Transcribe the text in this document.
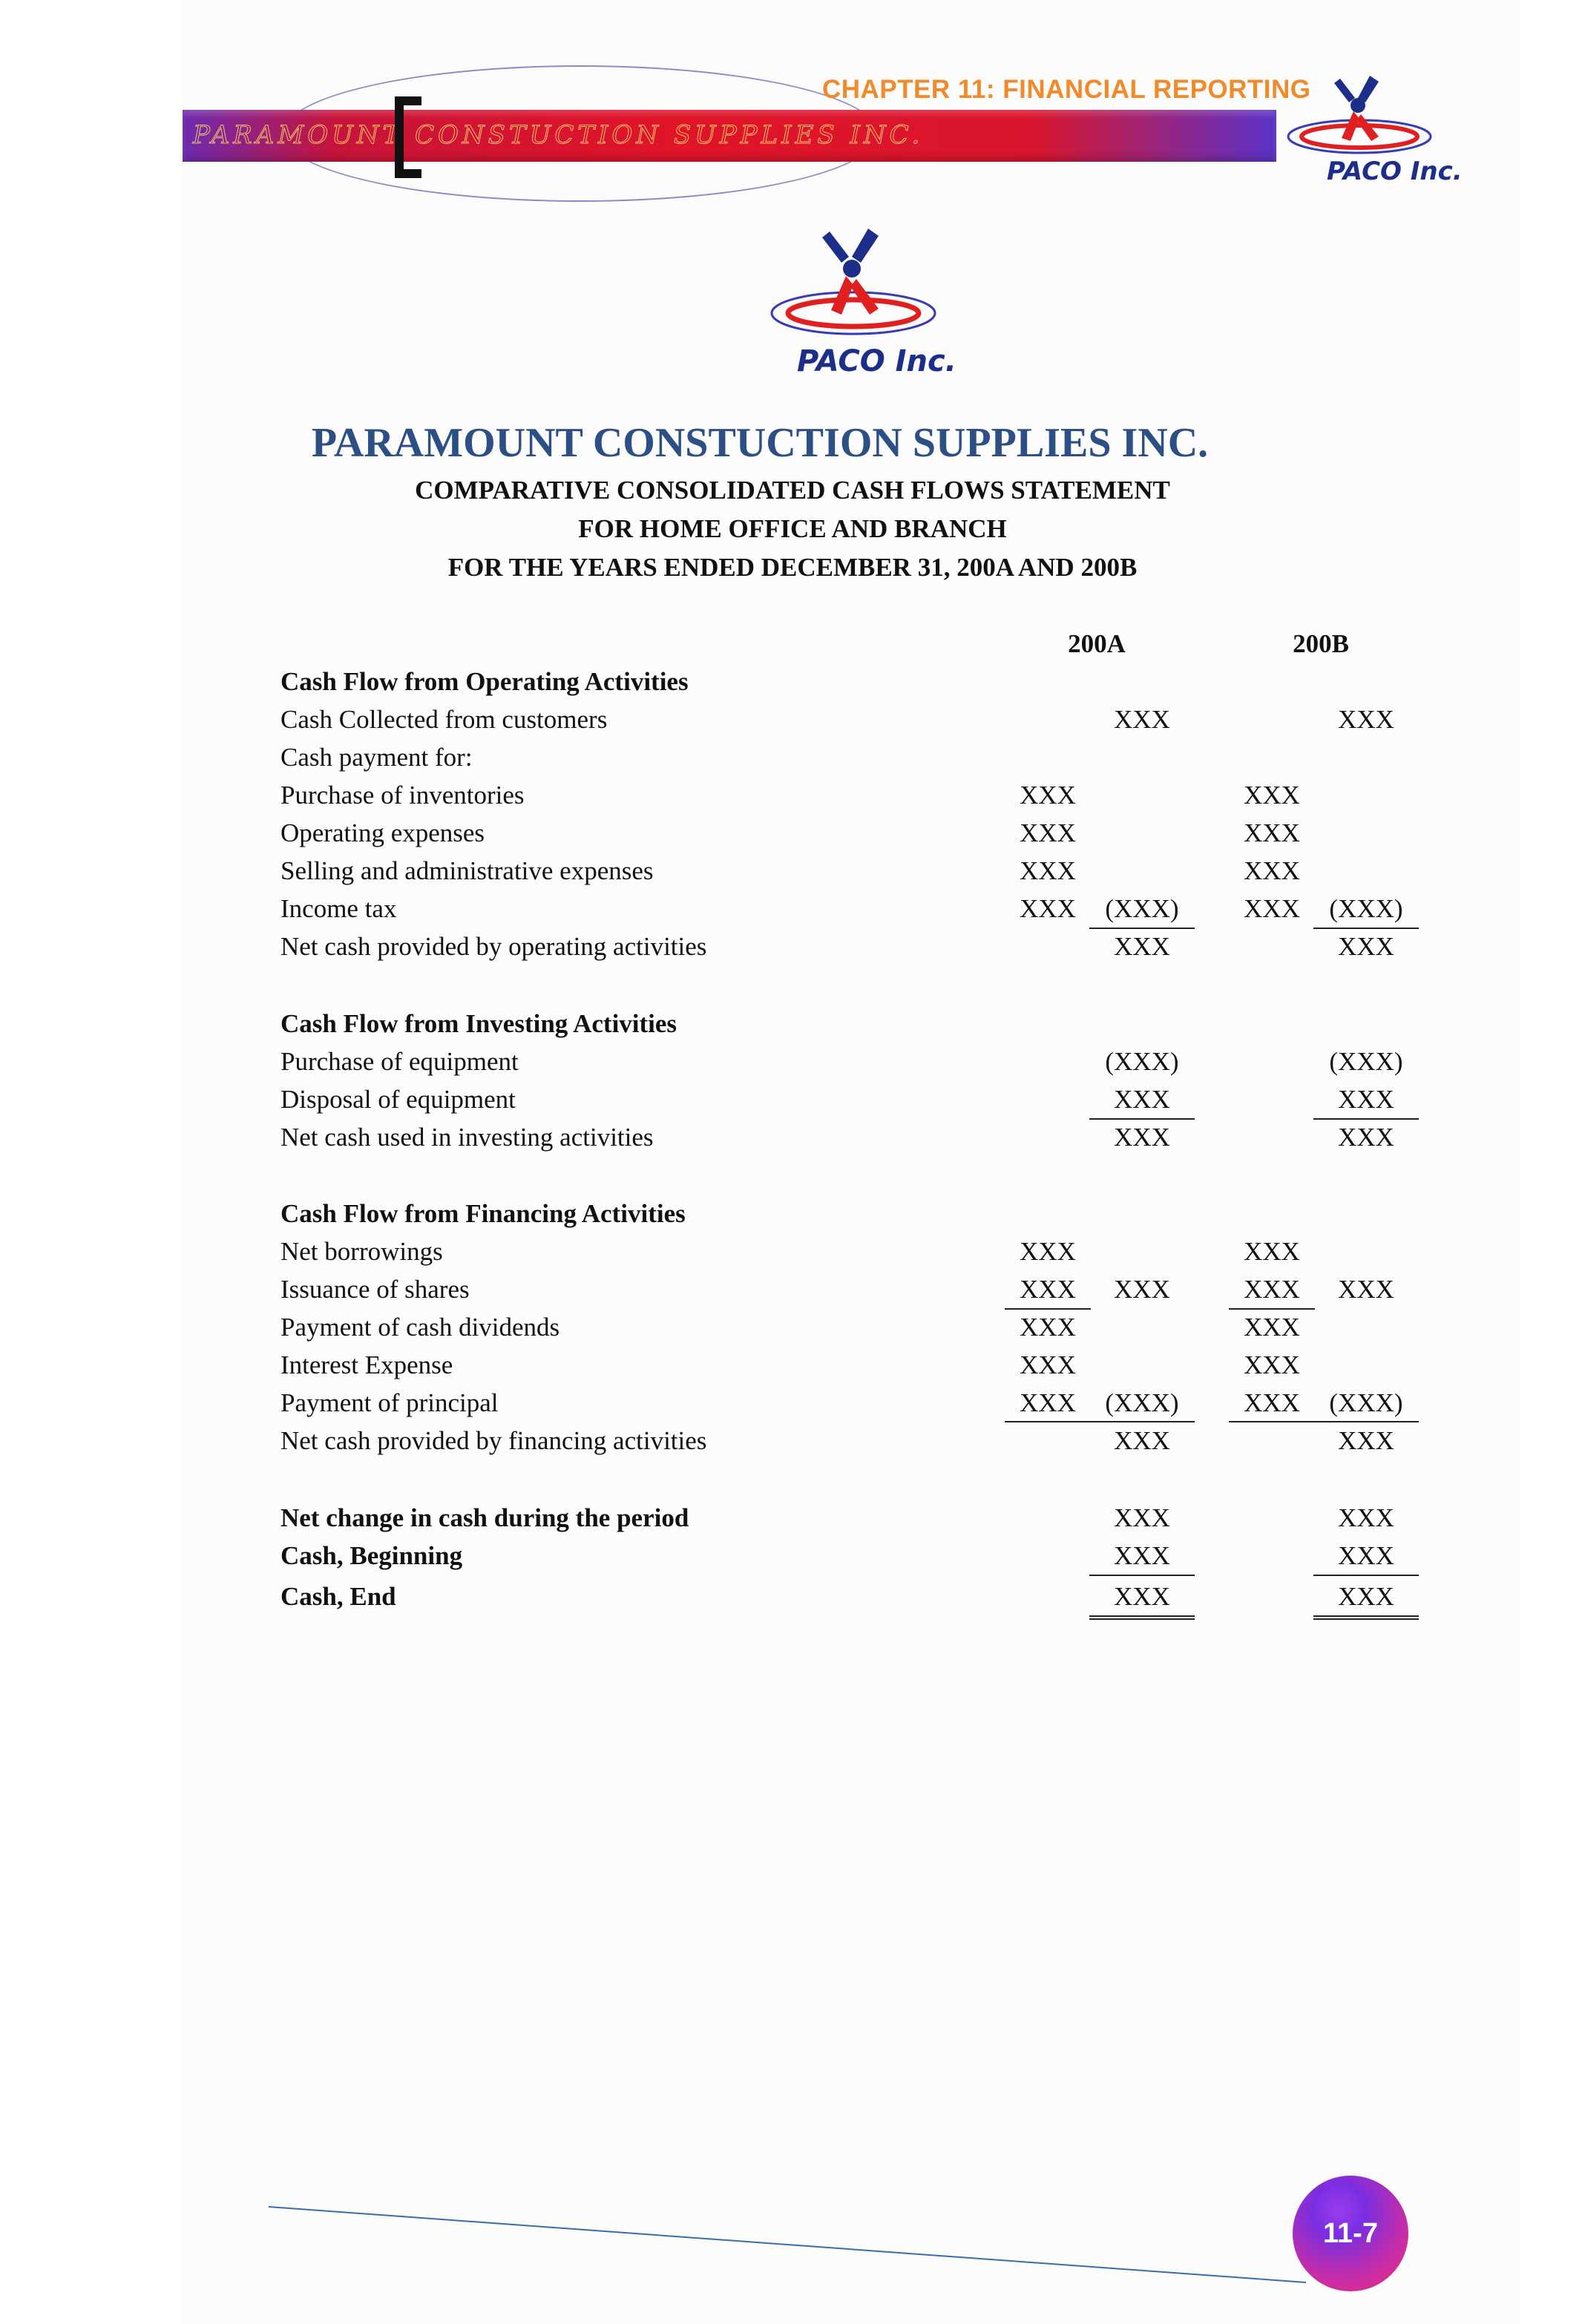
PARAMOUNT CONSTUCTION SUPPLIES INC.
CHAPTER 11: FINANCIAL REPORTING
PACO Inc.
PACO Inc.
PARAMOUNT CONSTUCTION SUPPLIES INC.
COMPARATIVE CONSOLIDATED CASH FLOWS STATEMENT
FOR HOME OFFICE AND BRANCH
FOR THE YEARS ENDED DECEMBER 31, 200A AND 200B
200A	200B
Cash Flow from Operating Activities
Cash Collected from customers	XXX	XXX
Cash payment for:
Purchase of inventories	XXX	XXX
Operating expenses	XXX	XXX
Selling and administrative expenses	XXX	XXX
Income tax	XXX	(XXX)	XXX	(XXX)
Net cash provided by operating activities	XXX	XXX
Cash Flow from Investing Activities
Purchase of equipment	(XXX)	(XXX)
Disposal of equipment	XXX	XXX
Net cash used in investing activities	XXX	XXX
Cash Flow from Financing Activities
Net borrowings	XXX	XXX
Issuance of shares	XXX	XXX	XXX	XXX
Payment of cash dividends	XXX	XXX
Interest Expense	XXX	XXX
Payment of principal	XXX	(XXX)	XXX	(XXX)
Net cash provided by financing activities	XXX	XXX
Net change in cash during the period	XXX	XXX
Cash, Beginning	XXX	XXX
Cash, End	XXX	XXX
11-7
